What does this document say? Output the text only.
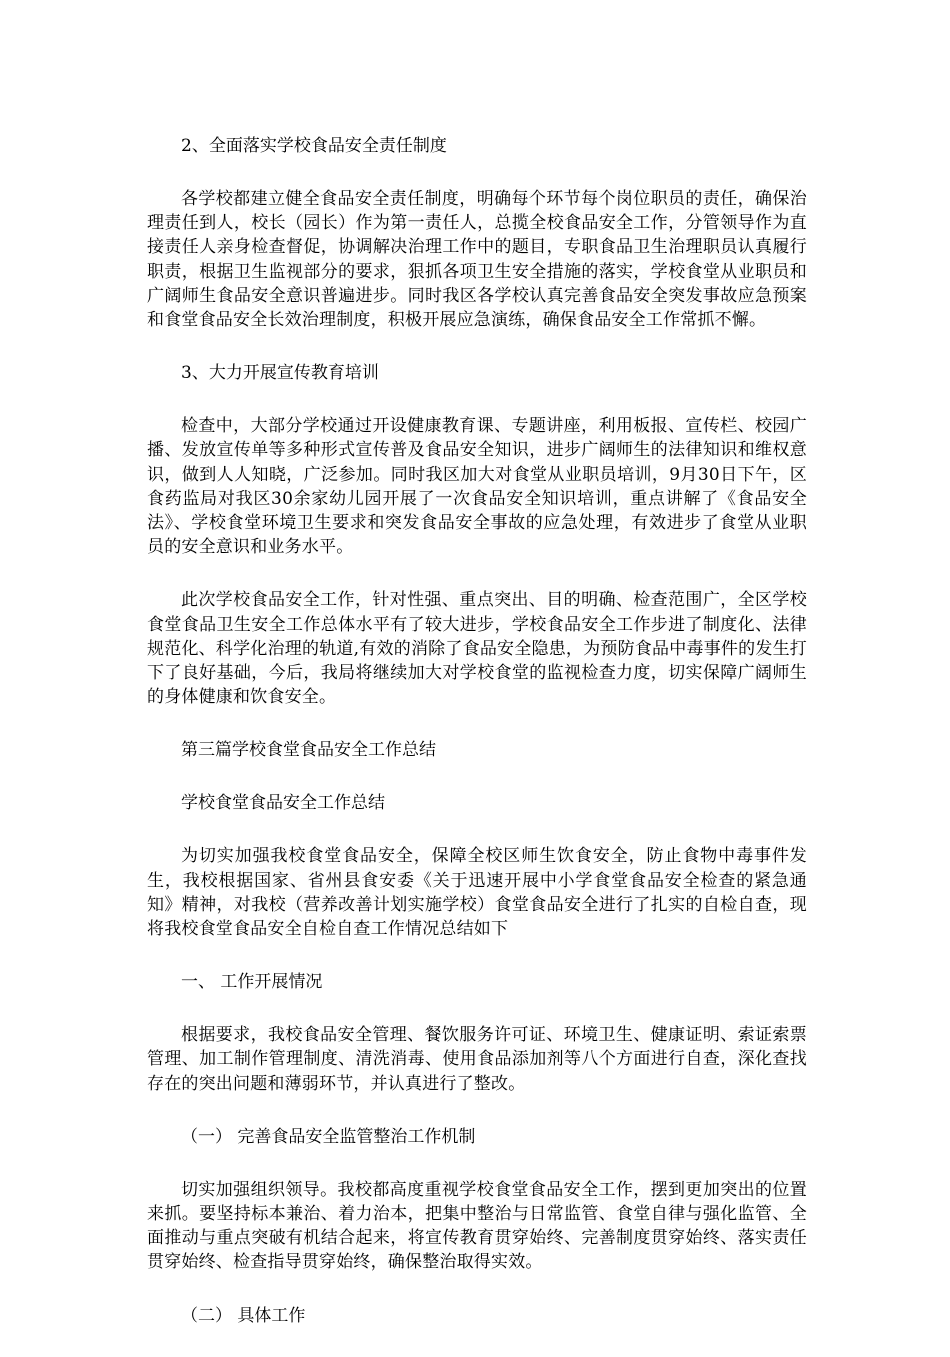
2、全面落实学校食品安全责任制度

各学校都建立健全食品安全责任制度，明确每个环节每个岗位职员的责任，确保治理责任到人，校长（园长）作为第一责任人，总揽全校食品安全工作，分管领导作为直接责任人亲身检查督促，协调解决治理工作中的题目，专职食品卫生治理职员认真履行职责，根据卫生监视部分的要求，狠抓各项卫生安全措施的落实，学校食堂从业职员和广阔师生食品安全意识普遍进步。同时我区各学校认真完善食品安全突发事故应急预案和食堂食品安全长效治理制度，积极开展应急演练，确保食品安全工作常抓不懈。

3、大力开展宣传教育培训

检查中，大部分学校通过开设健康教育课、专题讲座，利用板报、宣传栏、校园广播、发放宣传单等多种形式宣传普及食品安全知识，进步广阔师生的法律知识和维权意识，做到人人知晓，广泛参加。同时我区加大对食堂从业职员培训，9月30日下午，区食药监局对我区30余家幼儿园开展了一次食品安全知识培训，重点讲解了《食品安全法》、学校食堂环境卫生要求和突发食品安全事故的应急处理，有效进步了食堂从业职员的安全意识和业务水平。

此次学校食品安全工作，针对性强、重点突出、目的明确、检查范围广，全区学校食堂食品卫生安全工作总体水平有了较大进步，学校食品安全工作步进了制度化、法律规范化、科学化治理的轨道,有效的消除了食品安全隐患，为预防食品中毒事件的发生打下了良好基础，今后，我局将继续加大对学校食堂的监视检查力度，切实保障广阔师生的身体健康和饮食安全。

第三篇学校食堂食品安全工作总结

学校食堂食品安全工作总结

为切实加强我校食堂食品安全，保障全校区师生饮食安全，防止食物中毒事件发生，我校根据国家、省州县食安委《关于迅速开展中小学食堂食品安全检查的紧急通知》精神，对我校（营养改善计划实施学校）食堂食品安全进行了扎实的自检自查，现将我校食堂食品安全自检自查工作情况总结如下

一、 工作开展情况

根据要求，我校食品安全管理、餐饮服务许可证、环境卫生、健康证明、索证索票管理、加工制作管理制度、清洗消毒、使用食品添加剂等八个方面进行自查，深化查找存在的突出问题和薄弱环节，并认真进行了整改。

（一） 完善食品安全监管整治工作机制

切实加强组织领导。我校都高度重视学校食堂食品安全工作，摆到更加突出的位置来抓。要坚持标本兼治、着力治本，把集中整治与日常监管、食堂自律与强化监管、全面推动与重点突破有机结合起来，将宣传教育贯穿始终、完善制度贯穿始终、落实责任贯穿始终、检查指导贯穿始终，确保整治取得实效。

（二） 具体工作
